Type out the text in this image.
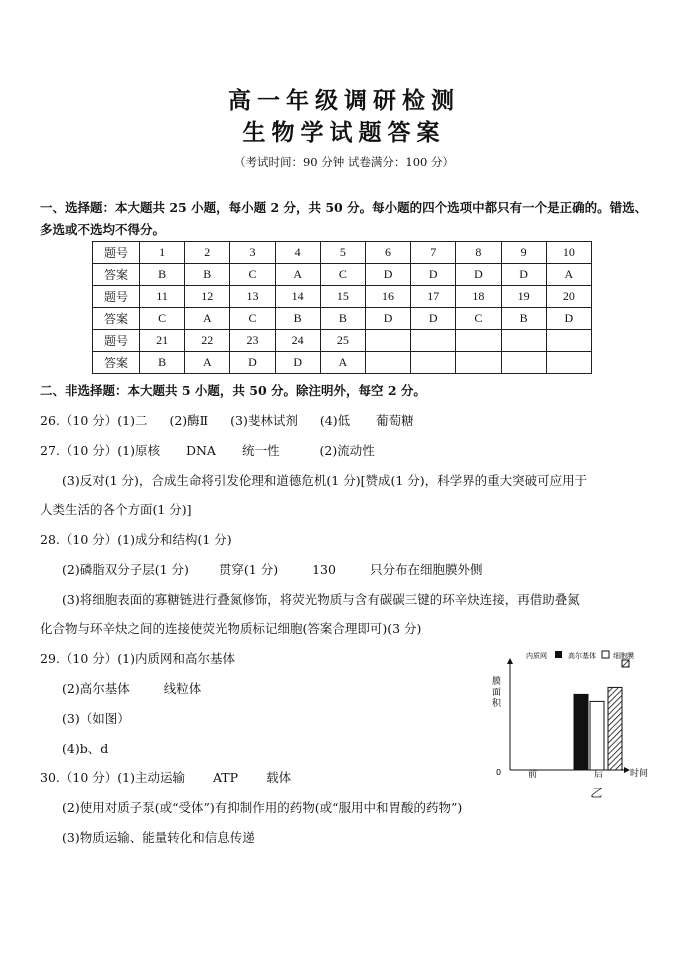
高一年级调研检测
生物学试题答案
（考试时间：90 分钟 试卷满分：100 分）
一、选择题：本大题共 25 小题，每小题 2 分，共 50 分。每小题的四个选项中都只有一个是正确的。错选、多选或不选均不得分。
题号	1	2	3	4	5	6	7	8	9	10
答案	B	B	C	A	C	D	D	D	D	A
题号	11	12	13	14	15	16	17	18	19	20
答案	C	A	C	B	B	D	D	C	B	D
题号	21	22	23	24	25					
答案	B	A	D	D	A					
二、非选择题：本大题共 5 小题，共 50 分。除注明外，每空 2 分。
26.（10 分）(1)二 (2)酶Ⅱ (3)斐林试剂 (4)低 葡萄糖
27.（10 分）(1)原核 DNA 统一性	(2)流动性
(3)反对(1 分)，合成生命将引发伦理和道德危机(1 分)[赞成(1 分)，科学界的重大突破可应用于
人类生活的各个方面(1 分)]
28.（10 分）(1)成分和结构(1 分)
(2)磷脂双分子层(1 分) 贯穿(1 分)	130	只分布在细胞膜外侧
(3)将细胞表面的寡糖链进行叠氮修饰，将荧光物质与含有碳碳三键的环辛炔连接，再借助叠氮
化合物与环辛炔之间的连接使荧光物质标记细胞(答案合理即可)(3 分)
29.（10 分）(1)内质网和高尔基体
(2)高尔基体	线粒体
(3)（如图）
(4)b、d
30.（10 分）(1)主动运输 ATP 载体
(2)使用对质子泵(或“受体”)有抑制作用的药物(或“服用中和胃酸的药物”)
(3)物质运输、能量转化和信息传递
内质网	高尔基体 细胞膜
膜面积
0	前	后	时间
乙
